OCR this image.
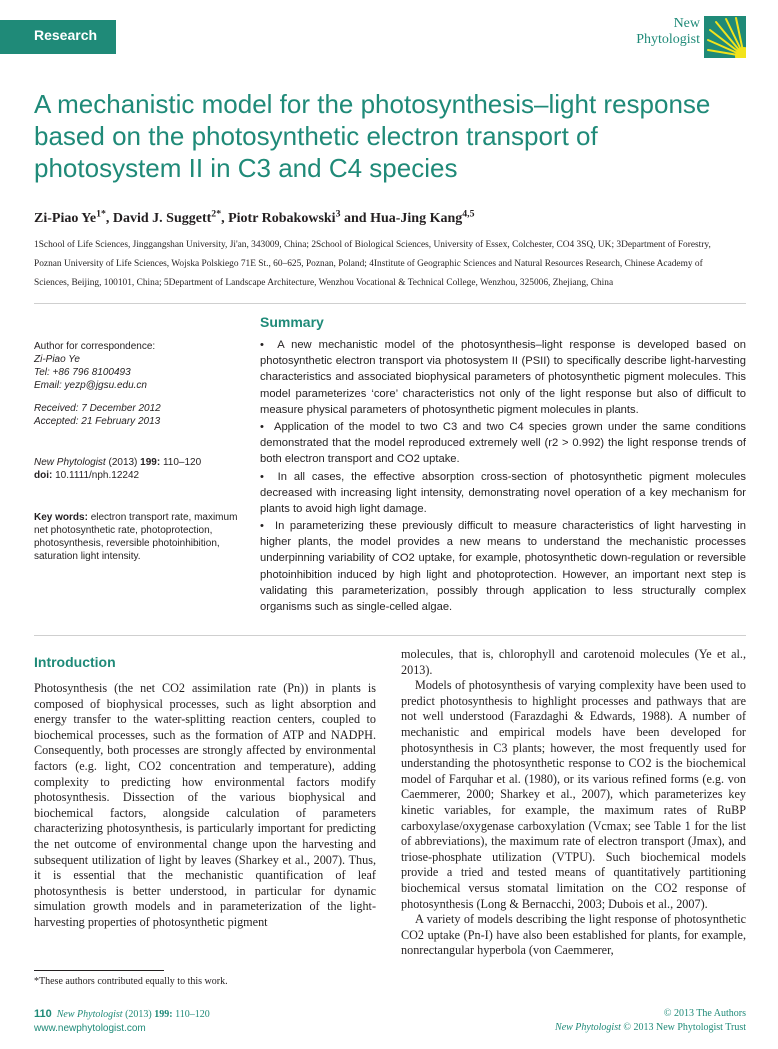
Research
New
Phytologist
A mechanistic model for the photosynthesis–light response based on the photosynthetic electron transport of photosystem II in C3 and C4 species
Zi-Piao $Ye^{1*}$, David J. Suggett$^{2*}$, Piotr Robakowski$^3$ and Hua-Jing Kang$^{4,5}$
1School of Life Sciences, Jinggangshan University, Ji'an, 343009, China; 2School of Biological Sciences, University of Essex, Colchester, CO4 3SQ, UK; 3Department of Forestry, Poznan University of Life Sciences, Wojska Polskiego 71E St., 60–625, Poznan, Poland; 4Institute of Geographic Sciences and Natural Resources Research, Chinese Academy of Sciences, Beijing, 100101, China; 5Department of Landscape Architecture, Wenzhou Vocational & Technical College, Wenzhou, 325006, Zhejiang, China
Author for correspondence:
Zi-Piao Ye
Tel: +86 796 8100493
Email: yezp@jgsu.edu.cn
Received: 7 December 2012
Accepted: 21 February 2013
New Phytologist (2013) 199: 110–120
doi: 10.1111/nph.12242
Key words: electron transport rate, maximum net photosynthetic rate, photoprotection, photosynthesis, reversible photoinhibition, saturation light intensity.
Summary
•  A new mechanistic model of the photosynthesis–light response is developed based on photosynthetic electron transport via photosystem II (PSII) to specifically describe light-harvesting characteristics and associated biophysical parameters of photosynthetic pigment molecules. This model parameterizes ‘core’ characteristics not only of the light response but also of difficult to measure physical parameters of photosynthetic pigment molecules in plants.
•  Application of the model to two C3 and two C4 species grown under the same conditions demonstrated that the model reproduced extremely well (r2 > 0.992) the light response trends of both electron transport and CO2 uptake.
•  In all cases, the effective absorption cross-section of photosynthetic pigment molecules decreased with increasing light intensity, demonstrating novel operation of a key mechanism for plants to avoid high light damage.
•  In parameterizing these previously difficult to measure characteristics of light harvesting in higher plants, the model provides a new means to understand the mechanistic processes underpinning variability of CO2 uptake, for example, photosynthetic down-regulation or reversible photoinhibition induced by high light and photoprotection. However, an important next step is validating this parameterization, possibly through application to less structurally complex organisms such as single-celled algae.
Introduction
Photosynthesis (the net CO2 assimilation rate (Pn)) in plants is composed of biophysical processes, such as light absorption and energy transfer to the water-splitting reaction centers, coupled to biochemical processes, such as the formation of ATP and NADPH. Consequently, both processes are strongly affected by environmental factors (e.g. light, CO2 concentration and temperature), adding complexity to predicting how environmental factors modify photosynthesis. Dissection of the various biophysical and biochemical factors, alongside calculation of parameters characterizing photosynthesis, is particularly important for predicting the net outcome of environmental change upon the harvesting and subsequent utilization of light by leaves (Sharkey et al., 2007). Thus, it is essential that the mechanistic quantification of leaf photosynthesis is better understood, in particular for dynamic simulation growth models and in parameterization of the light-harvesting properties of photosynthetic pigment
molecules, that is, chlorophyll and carotenoid molecules (Ye et al., 2013).
Models of photosynthesis of varying complexity have been used to predict photosynthesis to highlight processes and pathways that are not well understood (Farazdaghi & Edwards, 1988). A number of mechanistic and empirical models have been developed for photosynthesis in C3 plants; however, the most frequently used for understanding the photosynthetic response to CO2 is the biochemical model of Farquhar et al. (1980), or its various refined forms (e.g. von Caemmerer, 2000; Sharkey et al., 2007), which parameterizes key kinetic variables, for example, the maximum rates of RuBP carboxylase/oxygenase carboxylation (Vcmax; see Table 1 for the list of abbreviations), the maximum rate of electron transport (Jmax), and triose-phosphate utilization (VTPU). Such biochemical models provide a tried and tested means of quantitatively partitioning biochemical versus stomatal limitation on the CO2 response of photosynthesis (Long & Bernacchi, 2003; Dubois et al., 2007).
A variety of models describing the light response of photosynthetic CO2 uptake (Pn-I) have also been established for plants, for example, nonrectangular hyperbola (von Caemmerer,
*These authors contributed equally to this work.
110 New Phytologist (2013) 199: 110–120
www.newphytologist.com
© 2013 The Authors
New Phytologist © 2013 New Phytologist Trust
